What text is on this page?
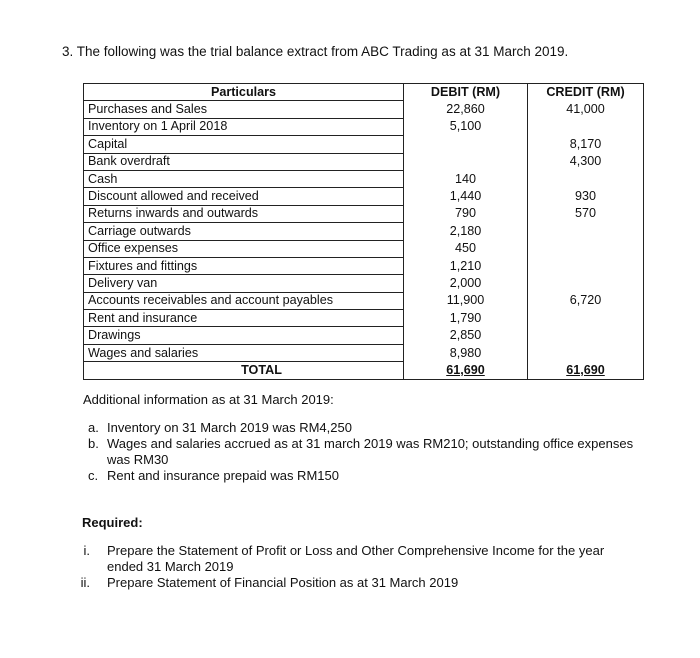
3. The following was the trial balance extract from ABC Trading as at 31 March 2019.
Particulars	DEBIT (RM)	CREDIT (RM)
Purchases and Sales	22,860	41,000
Inventory on 1 April 2018	5,100	
Capital		8,170
Bank overdraft		4,300
Cash	140	
Discount allowed and received	1,440	930
Returns inwards and outwards	790	570
Carriage outwards	2,180	
Office expenses	450	
Fixtures and fittings	1,210	
Delivery van	2,000	
Accounts receivables and account payables	11,900	6,720
Rent and insurance	1,790	
Drawings	2,850	
Wages and salaries	8,980	
TOTAL	61,690	61,690
Additional information as at 31 March 2019:
a. Inventory on 31 March 2019 was RM4,250
b. Wages and salaries accrued as at 31 march 2019 was RM210; outstanding office expenses was RM30
c. Rent and insurance prepaid was RM150
Required:
i. Prepare the Statement of Profit or Loss and Other Comprehensive Income for the year ended 31 March 2019
ii. Prepare Statement of Financial Position as at 31 March 2019
